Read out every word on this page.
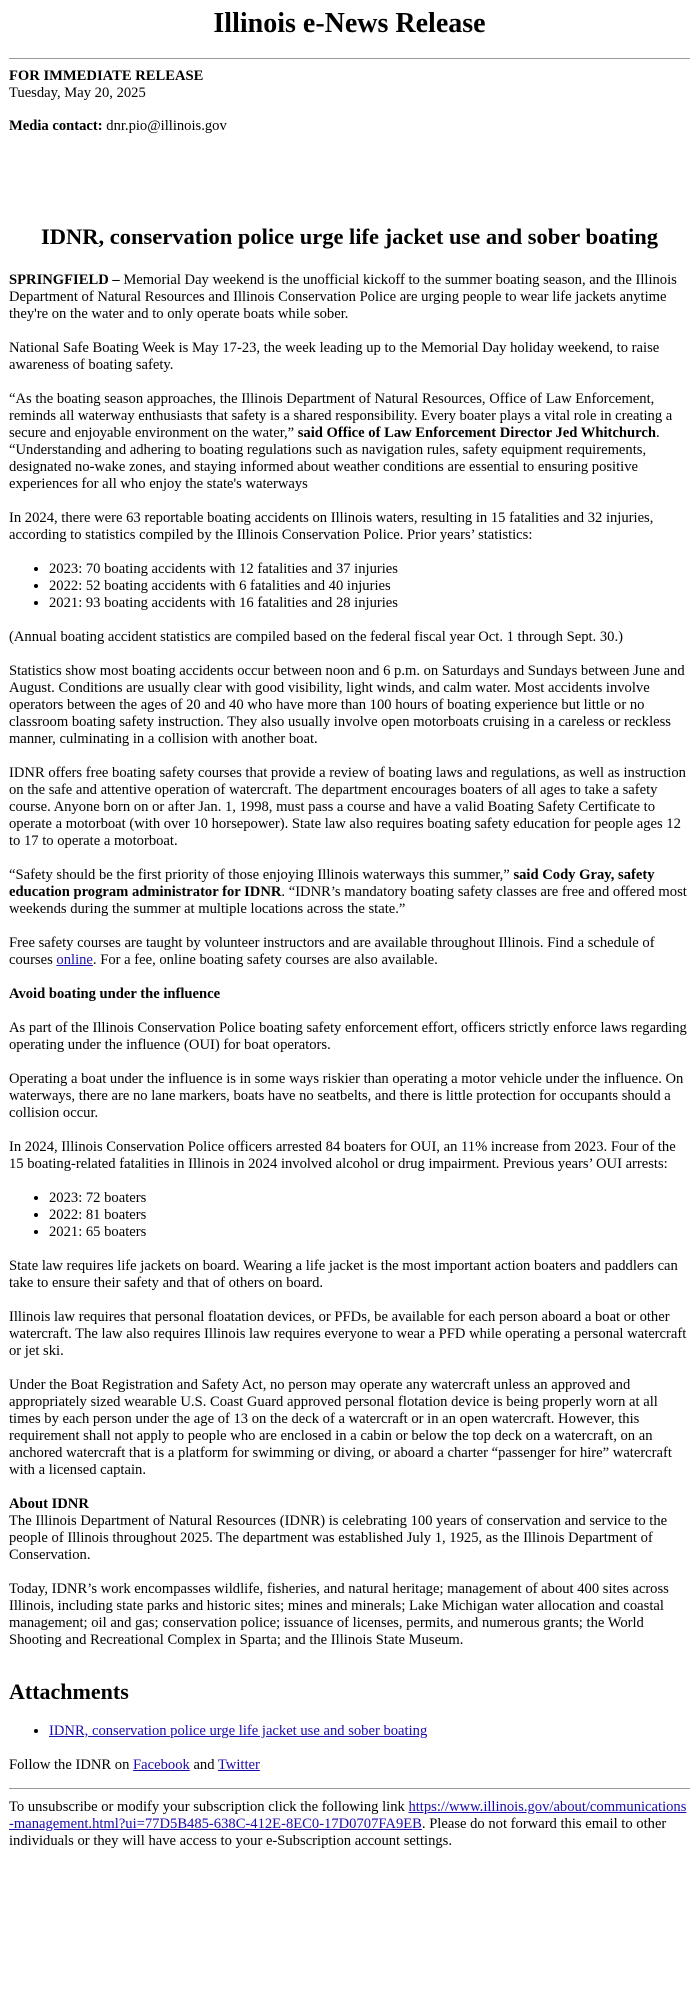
Illinois e-News Release

FOR IMMEDIATE RELEASE

Tuesday, May 20, 2025

Media contact: dnr.pio@illinois.gov

IDNR, conservation police urge life jacket use and sober boating

SPRINGFIELD – Memorial Day weekend is the unofficial kickoff to the summer boating season, and the Illinois Department of Natural Resources and Illinois Conservation Police are urging people to wear life jackets anytime they're on the water and to only operate boats while sober.

National Safe Boating Week is May 17-23, the week leading up to the Memorial Day holiday weekend, to raise awareness of boating safety.

“As the boating season approaches, the Illinois Department of Natural Resources, Office of Law Enforcement, reminds all waterway enthusiasts that safety is a shared responsibility. Every boater plays a vital role in creating a secure and enjoyable environment on the water,” said Office of Law Enforcement Director Jed Whitchurch. “Understanding and adhering to boating regulations such as navigation rules, safety equipment requirements, designated no-wake zones, and staying informed about weather conditions are essential to ensuring positive experiences for all who enjoy the state's waterways

In 2024, there were 63 reportable boating accidents on Illinois waters, resulting in 15 fatalities and 32 injuries, according to statistics compiled by the Illinois Conservation Police. Prior years’ statistics:

• 2023: 70 boating accidents with 12 fatalities and 37 injuries
• 2022: 52 boating accidents with 6 fatalities and 40 injuries
• 2021: 93 boating accidents with 16 fatalities and 28 injuries

(Annual boating accident statistics are compiled based on the federal fiscal year Oct. 1 through Sept. 30.)

Statistics show most boating accidents occur between noon and 6 p.m. on Saturdays and Sundays between June and August. Conditions are usually clear with good visibility, light winds, and calm water. Most accidents involve operators between the ages of 20 and 40 who have more than 100 hours of boating experience but little or no classroom boating safety instruction. They also usually involve open motorboats cruising in a careless or reckless manner, culminating in a collision with another boat.

IDNR offers free boating safety courses that provide a review of boating laws and regulations, as well as instruction on the safe and attentive operation of watercraft. The department encourages boaters of all ages to take a safety course. Anyone born on or after Jan. 1, 1998, must pass a course and have a valid Boating Safety Certificate to operate a motorboat (with over 10 horsepower). State law also requires boating safety education for people ages 12 to 17 to operate a motorboat.

“Safety should be the first priority of those enjoying Illinois waterways this summer,” said Cody Gray, safety education program administrator for IDNR. “IDNR’s mandatory boating safety classes are free and offered most weekends during the summer at multiple locations across the state.”

Free safety courses are taught by volunteer instructors and are available throughout Illinois. Find a schedule of courses online. For a fee, online boating safety courses are also available.

Avoid boating under the influence

As part of the Illinois Conservation Police boating safety enforcement effort, officers strictly enforce laws regarding operating under the influence (OUI) for boat operators.

Operating a boat under the influence is in some ways riskier than operating a motor vehicle under the influence. On waterways, there are no lane markers, boats have no seatbelts, and there is little protection for occupants should a collision occur.

In 2024, Illinois Conservation Police officers arrested 84 boaters for OUI, an 11% increase from 2023. Four of the 15 boating-related fatalities in Illinois in 2024 involved alcohol or drug impairment. Previous years’ OUI arrests:

• 2023: 72 boaters
• 2022: 81 boaters
• 2021: 65 boaters

State law requires life jackets on board. Wearing a life jacket is the most important action boaters and paddlers can take to ensure their safety and that of others on board.

Illinois law requires that personal floatation devices, or PFDs, be available for each person aboard a boat or other watercraft. The law also requires Illinois law requires everyone to wear a PFD while operating a personal watercraft or jet ski.

Under the Boat Registration and Safety Act, no person may operate any watercraft unless an approved and appropriately sized wearable U.S. Coast Guard approved personal flotation device is being properly worn at all times by each person under the age of 13 on the deck of a watercraft or in an open watercraft. However, this requirement shall not apply to people who are enclosed in a cabin or below the top deck on a watercraft, on an anchored watercraft that is a platform for swimming or diving, or aboard a charter “passenger for hire” watercraft with a licensed captain.

About IDNR

The Illinois Department of Natural Resources (IDNR) is celebrating 100 years of conservation and service to the people of Illinois throughout 2025. The department was established July 1, 1925, as the Illinois Department of Conservation.

Today, IDNR’s work encompasses wildlife, fisheries, and natural heritage; management of about 400 sites across Illinois, including state parks and historic sites; mines and minerals; Lake Michigan water allocation and coastal management; oil and gas; conservation police; issuance of licenses, permits, and numerous grants; the World Shooting and Recreational Complex in Sparta; and the Illinois State Museum.

Attachments
• IDNR, conservation police urge life jacket use and sober boating

Follow the IDNR on Facebook and Twitter

To unsubscribe or modify your subscription click the following link https://www.illinois.gov/about/communications-management.html?ui=77D5B485-638C-412E-8EC0-17D0707FA9EB. Please do not forward this email to other individuals or they will have access to your e-Subscription account settings.
